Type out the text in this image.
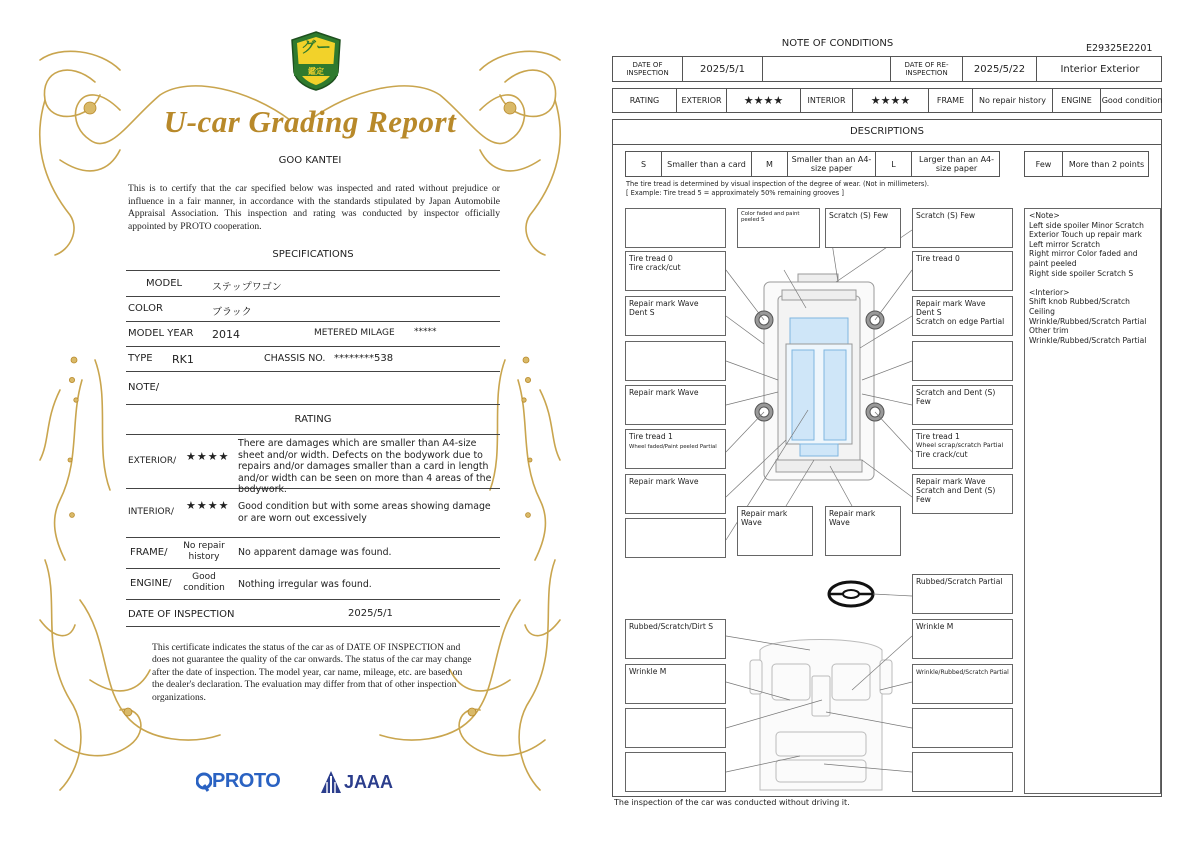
グー
鑑定
U-car Grading Report
GOO KANTEI
This is to certify that the car specified below was inspected and rated without prejudice or influence in a fair manner, in accordance with the standards stipulated by Japan Automobile Appraisal Association. This inspection and rating was conducted by inspector officially appointed by PROTO cooperation.
SPECIFICATIONS
MODEL	ステップワゴン
COLOR	ブラック
MODEL YEAR 2014	METERED MILAGE *****
TYPE RK1	CHASSIS NO. ********538
NOTE/
RATING
EXTERIOR/ ★★★★
There are damages which are smaller than A4-size sheet and/or width. Defects on the bodywork due to repairs and/or damages smaller than a card in length and/or width can be seen on more than 4 areas of the bodywork.
INTERIOR/ ★★★★ Good condition but with some areas showing damage or are worn out excessively
FRAME/
No repair history	No apparent damage was found.
ENGINE/
Good condition	Nothing irregular was found.
DATE OF INSPECTION	2025/5/1
This certificate indicates the status of the car as of DATE OF INSPECTION and does not guarantee the quality of the car onwards. The status of the car may change after the date of inspection. The model year, car name, mileage, etc. are based on the dealer's declaration. The evaluation may differ from that of other inspection organizations.
PROTO	JAAA
NOTE OF CONDITIONS	E29325E2201
DATE OF INSPECTION	2025/5/1	DATE OF RE-INSPECTION	2025/5/22	Interior Exterior
RATING	EXTERIOR	★★★★	INTERIOR	★★★★	FRAME	No repair history	ENGINE	Good condition
DESCRIPTIONS
S	Smaller than a card	M	Smaller than an A4-size paper	L	Larger than an A4-size paper	Few	More than 2 points
The tire tread is determined by visual inspection of the degree of wear. (Not in millimeters).
[ Example: Tire tread 5 = approximately 50% remaining grooves ]
Tire tread 0
Tire crack/cut
Repair mark Wave
Dent S
Repair mark Wave
Tire tread 1
Wheel faded/Paint peeled Partial
Repair mark Wave
Color faded and paint peeled S	Scratch (S) Few
Repair mark Wave
Repair mark Wave
Scratch (S) Few
Tire tread 0
Repair mark Wave
Dent S
Scratch on edge Partial
Scratch and Dent (S) Few
Tire tread 1
Wheel scrap/scratch Partial
Tire crack/cut
Repair mark Wave
Scratch and Dent (S) Few
Rubbed/Scratch Partial
Rubbed/Scratch/Dirt S	Wrinkle M
Wrinkle M	Wrinkle/Rubbed/Scratch Partial
<Note>
Left side spoiler Minor Scratch
Exterior Touch up repair mark
Left mirror Scratch
Right mirror Color faded and paint peeled
Right side spoiler Scratch S
<Interior>
Shift knob Rubbed/Scratch
Ceiling
Wrinkle/Rubbed/Scratch Partial
Other trim
Wrinkle/Rubbed/Scratch Partial
The inspection of the car was conducted without driving it.
